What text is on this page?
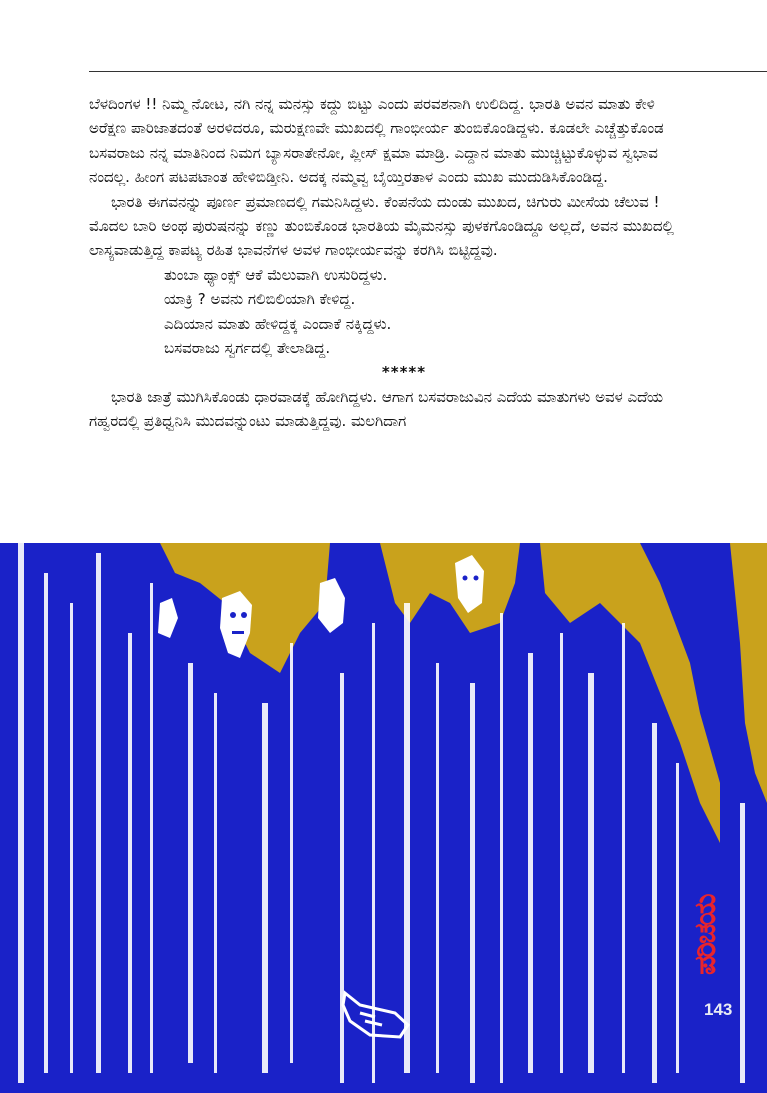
ಬೆಳದಿಂಗಳ !! ನಿಮ್ಮ ನೋಟ, ನಗಿ ನನ್ನ ಮನಸ್ಸು ಕದ್ದು ಬಿಟ್ಟು ಎಂದು ಪರವಶನಾಗಿ ಉಲಿದಿದ್ದ. ಭಾರತಿ ಅವನ ಮಾತು ಕೇಳಿ ಅರೆಕ್ಷಣ ಪಾರಿಜಾತದಂತೆ ಅರಳಿದರೂ, ಮರುಕ್ಷಣವೇ ಮುಖದಲ್ಲಿ ಗಾಂಭೀರ್ಯ ತುಂಬಿಕೊಂಡಿದ್ದಳು. ಕೂಡಲೇ ಎಚ್ಚೆತ್ತುಕೊಂಡ ಬಸವರಾಜು ನನ್ನ ಮಾತಿನಿಂದ ನಿಮಗ ಬ್ಯಾಸರಾತೇನೋ, ಪ್ಲೀಸ್ ಕ್ಷಮಾ ಮಾಡ್ರಿ. ಎದ್ದಾನ ಮಾತು ಮುಚ್ಚಿಟ್ಟುಕೊಳ್ಳುವ ಸ್ವಭಾವ ನಂದಲ್ಲ. ಹೀಂಗ ಪಟಪಟಾಂತ ಹೇಳಿಬಿಡ್ತೀನಿ. ಅದಕ್ಕ ನಮ್ಮವ್ವ ಬೈಯ್ತಿರತಾಳ ಎಂದು ಮುಖ ಮುದುಡಿಸಿಕೊಂಡಿದ್ದ.

ಭಾರತಿ ಈಗವನನ್ನು ಪೂರ್ಣ ಪ್ರಮಾಣದಲ್ಲಿ ಗಮನಿಸಿದ್ದಳು. ಕೆಂಪನೆಯ ದುಂಡು ಮುಖದ, ಚಿಗುರು ಮೀಸೆಯ ಚೆಲುವ ! ಮೊದಲ ಬಾರಿ ಅಂಥ ಪುರುಷನನ್ನು ಕಣ್ಣು ತುಂಬಿಕೊಂಡ ಭಾರತಿಯ ಮೈಮನಸ್ಸು ಪುಳಕಗೊಂಡಿದ್ದೂ ಅಲ್ಲದೆ, ಅವನ ಮುಖದಲ್ಲಿ ಲಾಸ್ಯವಾಡುತ್ತಿದ್ದ ಕಾಪಟ್ಯ ರಹಿತ ಭಾವನೆಗಳ ಅವಳ ಗಾಂಭೀರ್ಯವನ್ನು ಕರಗಿಸಿ ಬಿಟ್ಟಿದ್ದವು.

ತುಂಬಾ ಥ್ಯಾಂಕ್ಸ್ ಆಕೆ ಮೆಲುವಾಗಿ ಉಸುರಿದ್ದಳು.
ಯಾಕ್ರಿ ? ಅವನು ಗಲಿಬಿಲಿಯಾಗಿ ಕೇಳಿದ್ದ.
ಎದಿಯಾನ ಮಾತು ಹೇಳಿದ್ದಕ್ಕ ಎಂದಾಕೆ ನಕ್ಕಿದ್ದಳು.
ಬಸವರಾಜು ಸ್ವರ್ಗದಲ್ಲಿ ತೇಲಾಡಿದ್ದ.
*****

ಭಾರತಿ ಜಾತ್ರೆ ಮುಗಿಸಿಕೊಂಡು ಧಾರವಾಡಕ್ಕೆ ಹೋಗಿದ್ದಳು. ಆಗಾಗ ಬಸವರಾಜುವಿನ ಎದೆಯ ಮಾತುಗಳು ಅವಳ ಎದೆಯ ಗಹ್ವರದಲ್ಲಿ ಪ್ರತಿಧ್ವನಿಸಿ ಮುದವನ್ನುಂಟು ಮಾಡುತ್ತಿದ್ದವು. ಮಲಗಿದಾಗ

ಪರಿಚಯ
143
